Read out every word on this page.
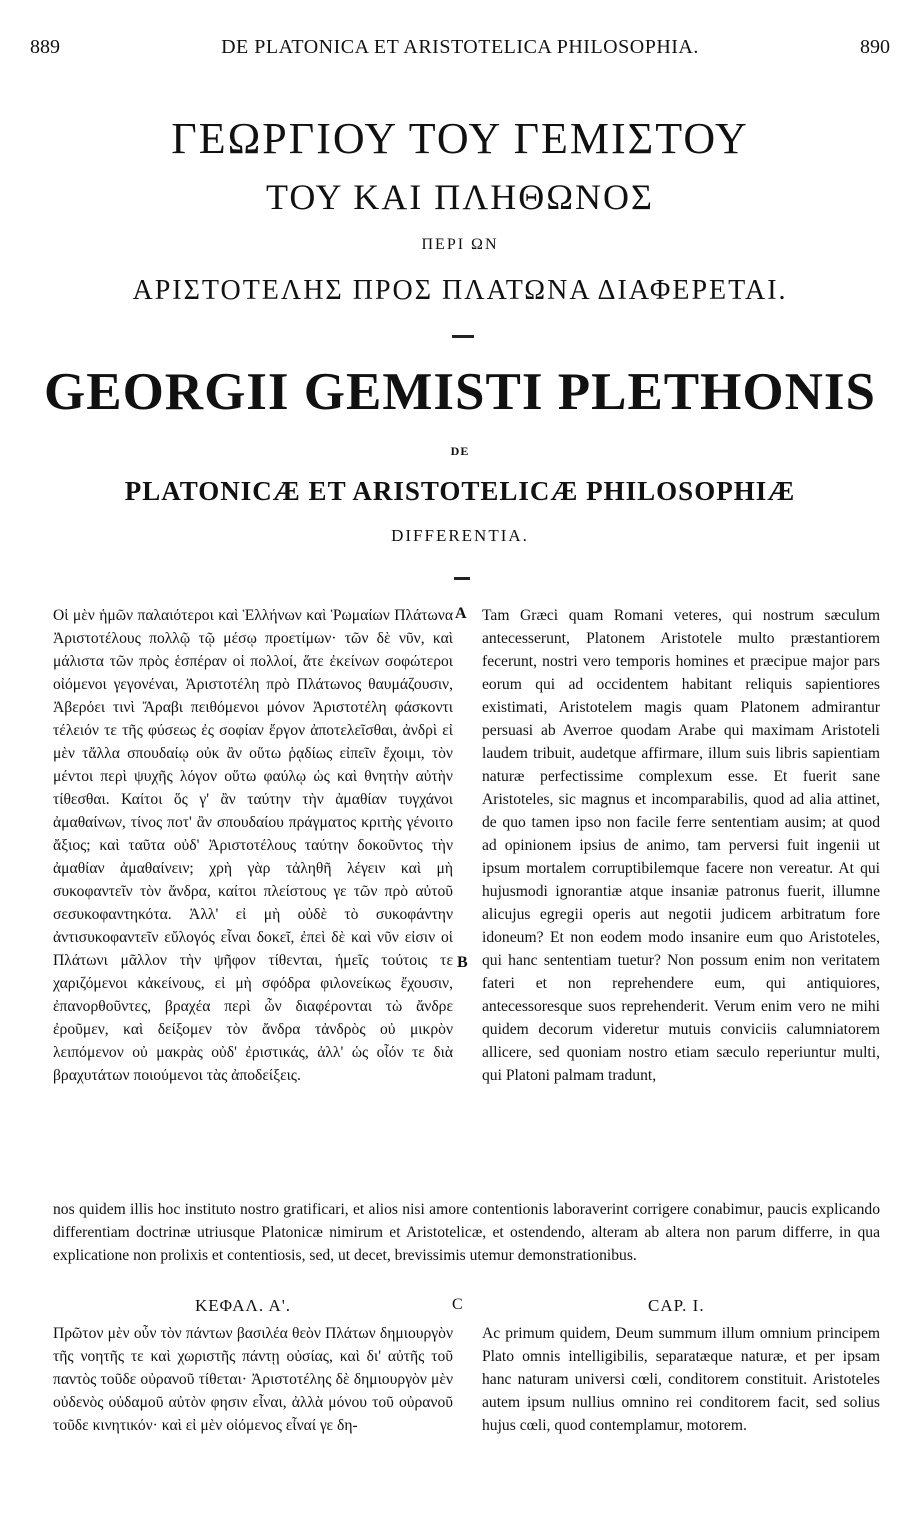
889	DE PLATONICA ET ARISTOTELICA PHILOSOPHIA.	890
ΓΕΩΡΓΙΟΥ ΤΟΥ ΓΕΜΙΣΤΟΥ
ΤΟΥ ΚΑΙ ΠΛΗΘΩΝΟΣ
ΠΕΡΙ ΩΝ
ΑΡΙΣΤΟΤΕΛΗΣ ΠΡΟΣ ΠΛΑΤΩΝΑ ΔΙΑΦΕΡΕΤΑΙ.
GEORGII GEMISTI PLETHONIS
DE
PLATONICÆ ET ARISTOTELICÆ PHILOSOPHIÆ
DIFFERENTIA.

Οἱ μὲν ἡμῶν παλαιότεροι καὶ Ἑλλήνων καὶ Ῥωμαίων Πλάτωνα Ἀριστοτέλους πολλῷ τῷ μέσῳ προετίμων· τῶν δὲ νῦν, καὶ μάλιστα τῶν πρὸς ἑσπέραν οἱ πολλοί, ἅτε ἐκείνων σοφώτεροι οἰόμενοι γεγονέναι, Ἀριστοτέλη πρὸ Πλάτωνος θαυμάζουσιν, Ἀβερόει τινὶ Ἄραβι πειθόμενοι μόνον Ἀριστοτέλη φάσκοντι τέλειόν τε τῆς φύσεως ἐς σοφίαν ἔργον ἀποτελεῖσθαι, ἀνδρὶ εἰ μὲν τἄλλα σπουδαίῳ οὐκ ἂν οὕτω ῥᾳδίως εἰπεῖν ἔχοιμι, τὸν μέντοι περὶ ψυχῆς λόγον οὕτω φαύλῳ ὡς καὶ θνητὴν αὐτὴν τίθεσθαι. Καίτοι ὅς γ' ἂν ταύτην τὴν ἀμαθίαν τυγχάνοι ἀμαθαίνων, τίνος ποτ' ἂν σπουδαίου πράγματος κριτὴς γένοιτο ἄξιος; καὶ ταῦτα οὐδ' Ἀριστοτέλους ταύτην δοκοῦντος τὴν ἀμαθίαν ἀμαθαίνειν; χρὴ γὰρ τἀληθῆ λέγειν καὶ μὴ συκοφαντεῖν τὸν ἄνδρα, καίτοι πλείστους γε τῶν πρὸ αὐτοῦ σεσυκοφαντηκότα. Ἀλλ' εἰ μὴ οὐδὲ τὸ συκοφάντην ἀντισυκοφαντεῖν εὔλογός εἶναι δοκεῖ, ἐπεὶ δὲ καὶ νῦν εἰσιν οἱ Πλάτωνι μᾶλλον τὴν ψῆφον τίθενται, ἡμεῖς τούτοις τε χαριζόμενοι κἀκείνους, εἰ μὴ σφόδρα φιλονείκως ἔχουσιν, ἐπανορθοῦντες, βραχέα περὶ ὧν διαφέρονται τὼ ἄνδρε ἐροῦμεν, καὶ δείξομεν τὸν ἄνδρα τἀνδρὸς οὐ μικρὸν λειπόμενον οὐ μακρὰς οὐδ' ἐριστικάς, ἀλλ' ὡς οἷόν τε διὰ βραχυτάτων ποιούμενοι τὰς ἀποδείξεις.

A
B

Tam Græci quam Romani veteres, qui nostrum sæculum antecesserunt, Platonem Aristotele multo præstantiorem fecerunt, nostri vero temporis homines et præcipue major pars eorum qui ad occidentem habitant reliquis sapientiores existimati, Aristotelem magis quam Platonem admirantur persuasi ab Averroe quodam Arabe qui maximam Aristoteli laudem tribuit, audetque affirmare, illum suis libris sapientiam naturæ perfectissime complexum esse. Et fuerit sane Aristoteles, sic magnus et incomparabilis, quod ad alia attinet, de quo tamen ipso non facile ferre sententiam ausim; at quod ad opinionem ipsius de animo, tam perversi fuit ingenii ut ipsum mortalem corruptibilemque facere non vereatur. At qui hujusmodi ignorantiæ atque insaniæ patronus fuerit, illumne alicujus egregii operis aut negotii judicem arbitratum fore idoneum? Et non eodem modo insanire eum quo Aristoteles, qui hanc sententiam tuetur? Non possum enim non veritatem fateri et non reprehendere eum, qui antiquiores, antecessoresque suos reprehenderit. Verum enim vero ne mihi quidem decorum videretur mutuis conviciis calumniatorem allicere, sed quoniam nostro etiam sæculo reperiuntur multi, qui Platoni palmam tradunt,

nos quidem illis hoc instituto nostro gratificari, et alios nisi amore contentionis laboraverint corrigere conabimur, paucis explicando differentiam doctrinæ utriusque Platonicæ nimirum et Aristotelicæ, et ostendendo, alteram ab altera non parum differre, in qua explicatione non prolixis et contentiosis, sed, ut decet, brevissimis utemur demonstrationibus.

ΚΕΦΑΛ. Α'.	C	CAP. I.

Πρῶτον μὲν οὖν τὸν πάντων βασιλέα θεὸν Πλάτων δημιουργὸν τῆς νοητῆς τε καὶ χωριστῆς πάντῃ οὐσίας, καὶ δι' αὐτῆς τοῦ παντὸς τοῦδε οὐρανοῦ τίθεται· Ἀριστοτέλης δὲ δημιουργὸν μὲν οὐδενὸς οὐδαμοῦ αὐτὸν φησιν εἶναι, ἀλλὰ μόνου τοῦ οὐρανοῦ τοῦδε κινητικόν· καὶ εἰ μὲν οἰόμενος εἶναί γε δη-

Ac primum quidem, Deum summum illum omnium principem Plato omnis intelligibilis, separatæque naturæ, et per ipsam hanc naturam universi cœli, conditorem constituit. Aristoteles autem ipsum nullius omnino rei conditorem facit, sed solius hujus cœli, quod contemplamur, motorem.
